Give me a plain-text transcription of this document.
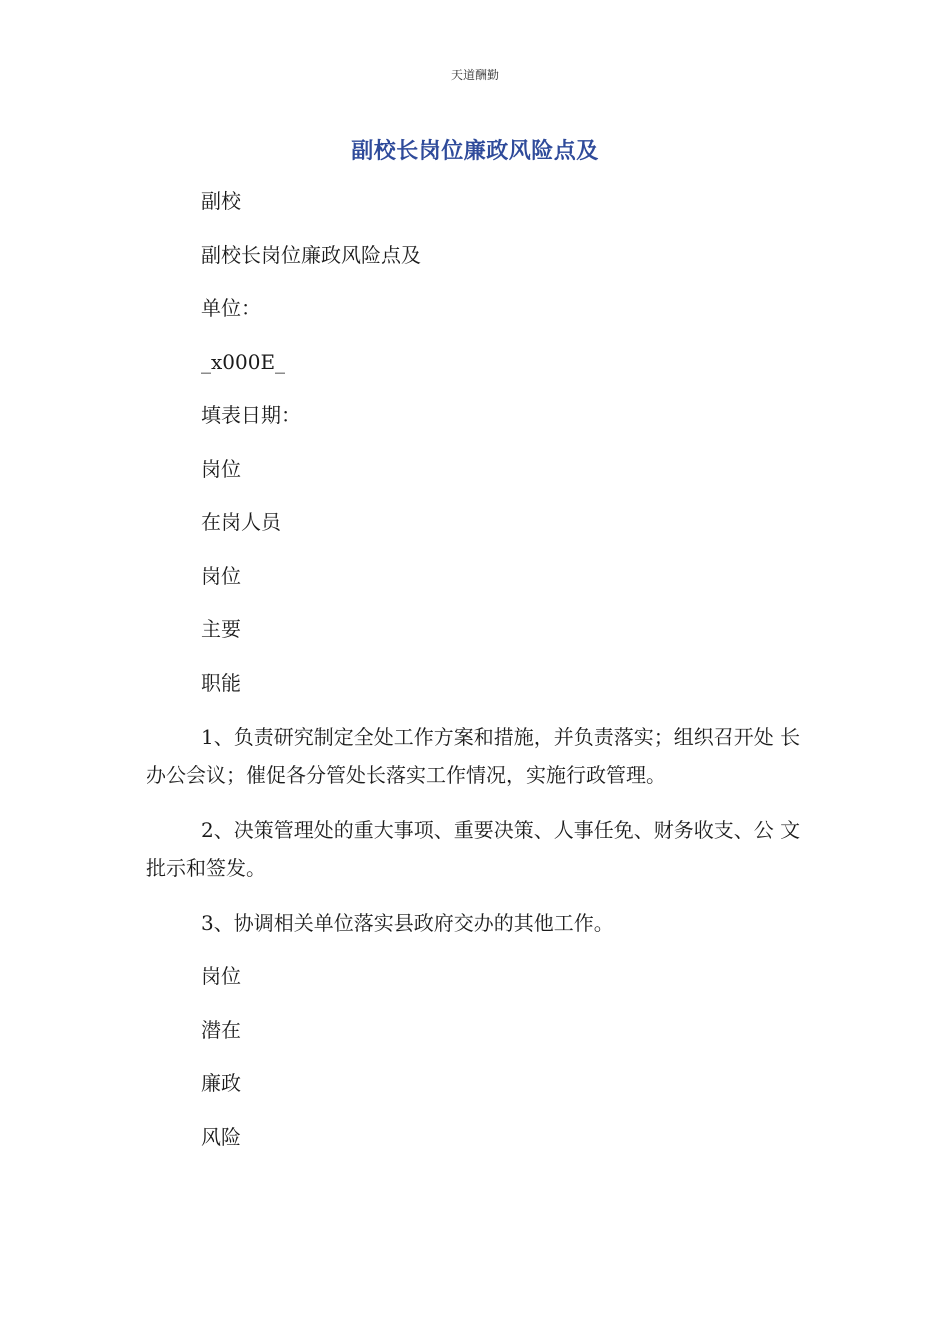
天道酬勤
副校长岗位廉政风险点及
副校
副校长岗位廉政风险点及
单位：
_x000E_
填表日期：
岗位
在岗人员
岗位
主要
职能
1、负责研究制定全处工作方案和措施，并负责落实；组织召开处 长办公会议；催促各分管处长落实工作情况，实施行政管理。
2、决策管理处的重大事项、重要决策、人事任免、财务收支、公 文批示和签发。
3、协调相关单位落实县政府交办的其他工作。
岗位
潜在
廉政
风险
